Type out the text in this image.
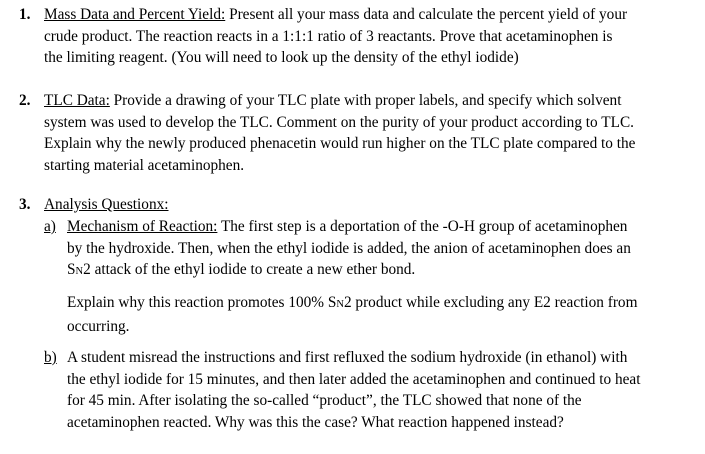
1. Mass Data and Percent Yield: Present all your mass data and calculate the percent yield of your

crude product. The reaction reacts in a 1:1:1 ratio of 3 reactants. Prove that acetaminophen is

the limiting reagent. (You will need to look up the density of the ethyl iodide)

2. TLC Data: Provide a drawing of your TLC plate with proper labels, and specify which solvent

system was used to develop the TLC. Comment on the purity of your product according to TLC.

Explain why the newly produced phenacetin would run higher on the TLC plate compared to the

starting material acetaminophen.

3. Analysis Questionx:

a) Mechanism of Reaction: The first step is a deportation of the -O-H group of acetaminophen

by the hydroxide. Then, when the ethyl iodide is added, the anion of acetaminophen does an

SN2 attack of the ethyl iodide to create a new ether bond.

Explain why this reaction promotes 100% SN2 product while excluding any E2 reaction from

occurring.

b) A student misread the instructions and first refluxed the sodium hydroxide (in ethanol) with

the ethyl iodide for 15 minutes, and then later added the acetaminophen and continued to heat

for 45 min. After isolating the so-called “product”, the TLC showed that none of the

acetaminophen reacted. Why was this the case? What reaction happened instead?
